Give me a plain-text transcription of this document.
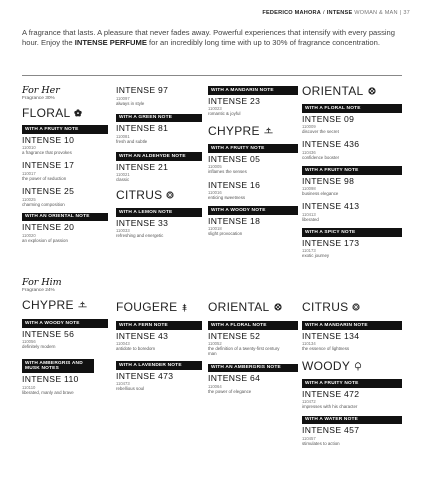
FEDERICO MAHORA / INTENSE WOMAN & MAN | 37

A fragrance that lasts. A pleasure that never fades away. Powerful experiences that intensify with every passing hour. Enjoy the INTENSE PERFUME for an incredibly long time with up to 30% of fragrance concentration.

For Her
Fragrance 30%
FLORAL
WITH A FRUITY NOTE
INTENSE 10
110010
a fragrance that provokes
INTENSE 17
110017
the power of seduction
INTENSE 25
110025
charming composition
WITH AN ORIENTAL NOTE
INTENSE 20
110020
an explosion of passion
INTENSE 97
110097
always in style
WITH A GREEN NOTE
INTENSE 81
110081
fresh and subtle
WITH AN ALDEHYDE NOTE
INTENSE 21
110021
classic
CITRUS
WITH A LEMON NOTE
INTENSE 33
110033
refreshing and energetic
WITH A MANDARIN NOTE
INTENSE 23
110023
romantic & joyful
CHYPRE
WITH A FRUITY NOTE
INTENSE 05
110005
inflames the senses
INTENSE 16
110016
enticing sweetness
WITH A WOODY NOTE
INTENSE 18
110018
slight provocation
ORIENTAL
WITH A FLORAL NOTE
INTENSE 09
110009
discover the secret
INTENSE 436
110436
confidence booster
WITH A FRUITY NOTE
INTENSE 98
110098
business elegance
INTENSE 413
110413
liberated
WITH A SPICY NOTE
INTENSE 173
110173
exotic journey
For Him
Fragrance 24%
CHYPRE
WITH A WOODY NOTE
INTENSE 56
110056
definitely modern
WITH AMBERGRIS AND MUSK NOTES
INTENSE 110
110110
liberated, manly and brave
FOUGERE
WITH A FERN NOTE
INTENSE 43
110043
antidote to boredom
WITH A LAVENDER NOTE
INTENSE 473
110473
rebellious soul
ORIENTAL
WITH A FLORAL NOTE
INTENSE 52
110052
the definition of a twenty-first century man
WITH AN AMBERGRIS NOTE
INTENSE 64
110064
the power of elegance
CITRUS
WITH A MANDARIN NOTE
INTENSE 134
110134
the essence of lightness
WOODY
WITH A FRUITY NOTE
INTENSE 472
110472
impresses with his character
WITH A WATER NOTE
INTENSE 457
110457
stimulates to action
